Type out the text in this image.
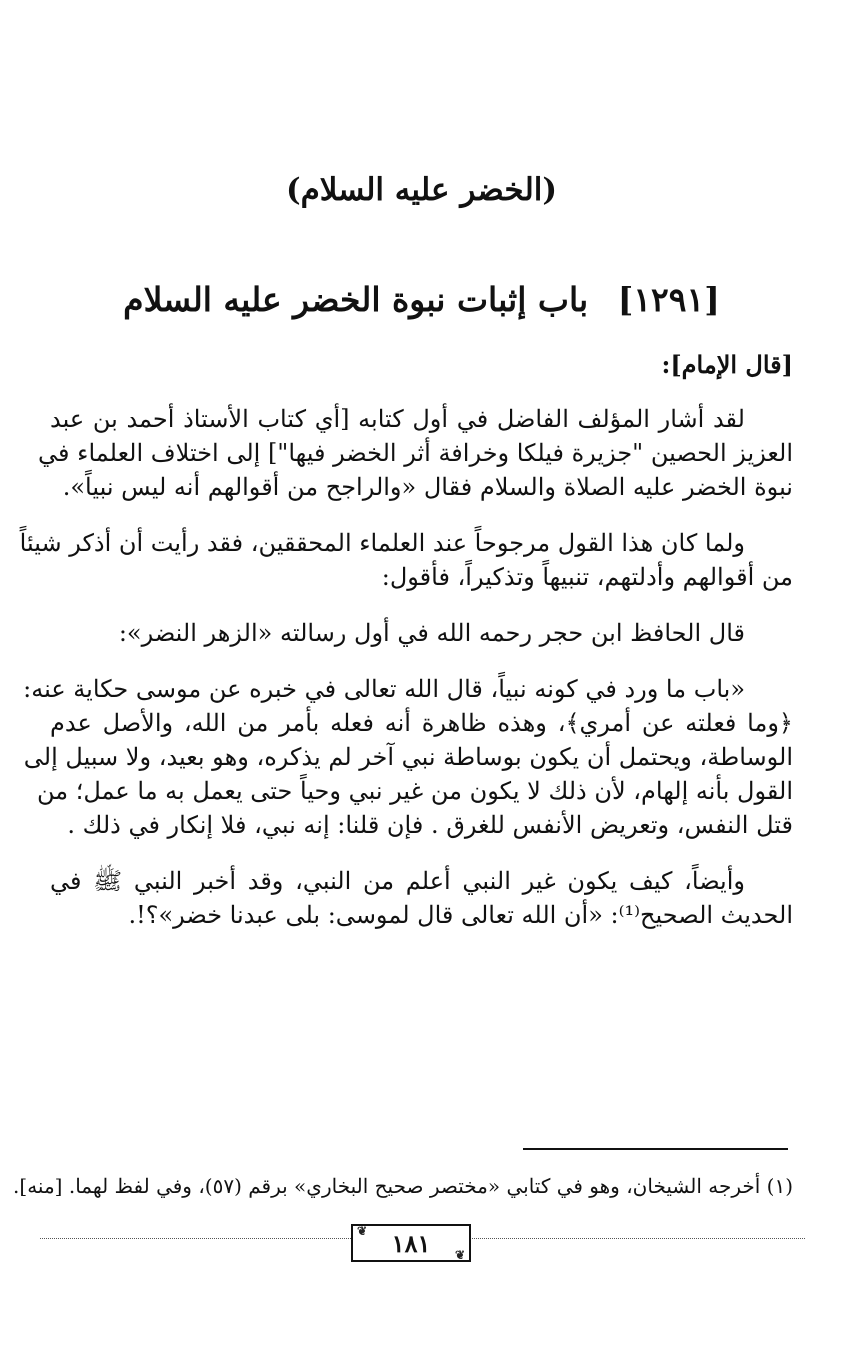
(الخضر عليه السلام)
[١٢٩١] باب إثبات نبوة الخضر عليه السلام
[قال الإمام]:
لقد أشار المؤلف الفاضل في أول كتابه [أي كتاب الأستاذ أحمد بن عبد
العزيز الحصين "جزيرة فيلكا وخرافة أثر الخضر فيها"] إلى اختلاف العلماء في
نبوة الخضر عليه الصلاة والسلام فقال «والراجح من أقوالهم أنه ليس نبياً».
ولما كان هذا القول مرجوحاً عند العلماء المحققين، فقد رأيت أن أذكر شيئاً
من أقوالهم وأدلتهم، تنبيهاً وتذكيراً، فأقول:
قال الحافظ ابن حجر رحمه الله في أول رسالته «الزهر النضر»:
«باب ما ورد في كونه نبياً، قال الله تعالى في خبره عن موسى حكاية عنه:
﴿وما فعلته عن أمري﴾، وهذه ظاهرة أنه فعله بأمر من الله، والأصل عدم
الوساطة، ويحتمل أن يكون بوساطة نبي آخر لم يذكره، وهو بعيد، ولا سبيل إلى
القول بأنه إلهام، لأن ذلك لا يكون من غير نبي وحياً حتى يعمل به ما عمل؛ من
قتل النفس، وتعريض الأنفس للغرق . فإن قلنا: إنه نبي، فلا إنكار في ذلك .
وأيضاً، كيف يكون غير النبي أعلم من النبي، وقد أخبر النبي ﷺ في
الحديث الصحيح⁽¹⁾: «أن الله تعالى قال لموسى: بلى عبدنا خضر»؟!.
(١) أخرجه الشيخان، وهو في كتابي «مختصر صحيح البخاري» برقم (٥٧)، وفي لفظ لهما. [منه].
❦ ١٨١ ❦
